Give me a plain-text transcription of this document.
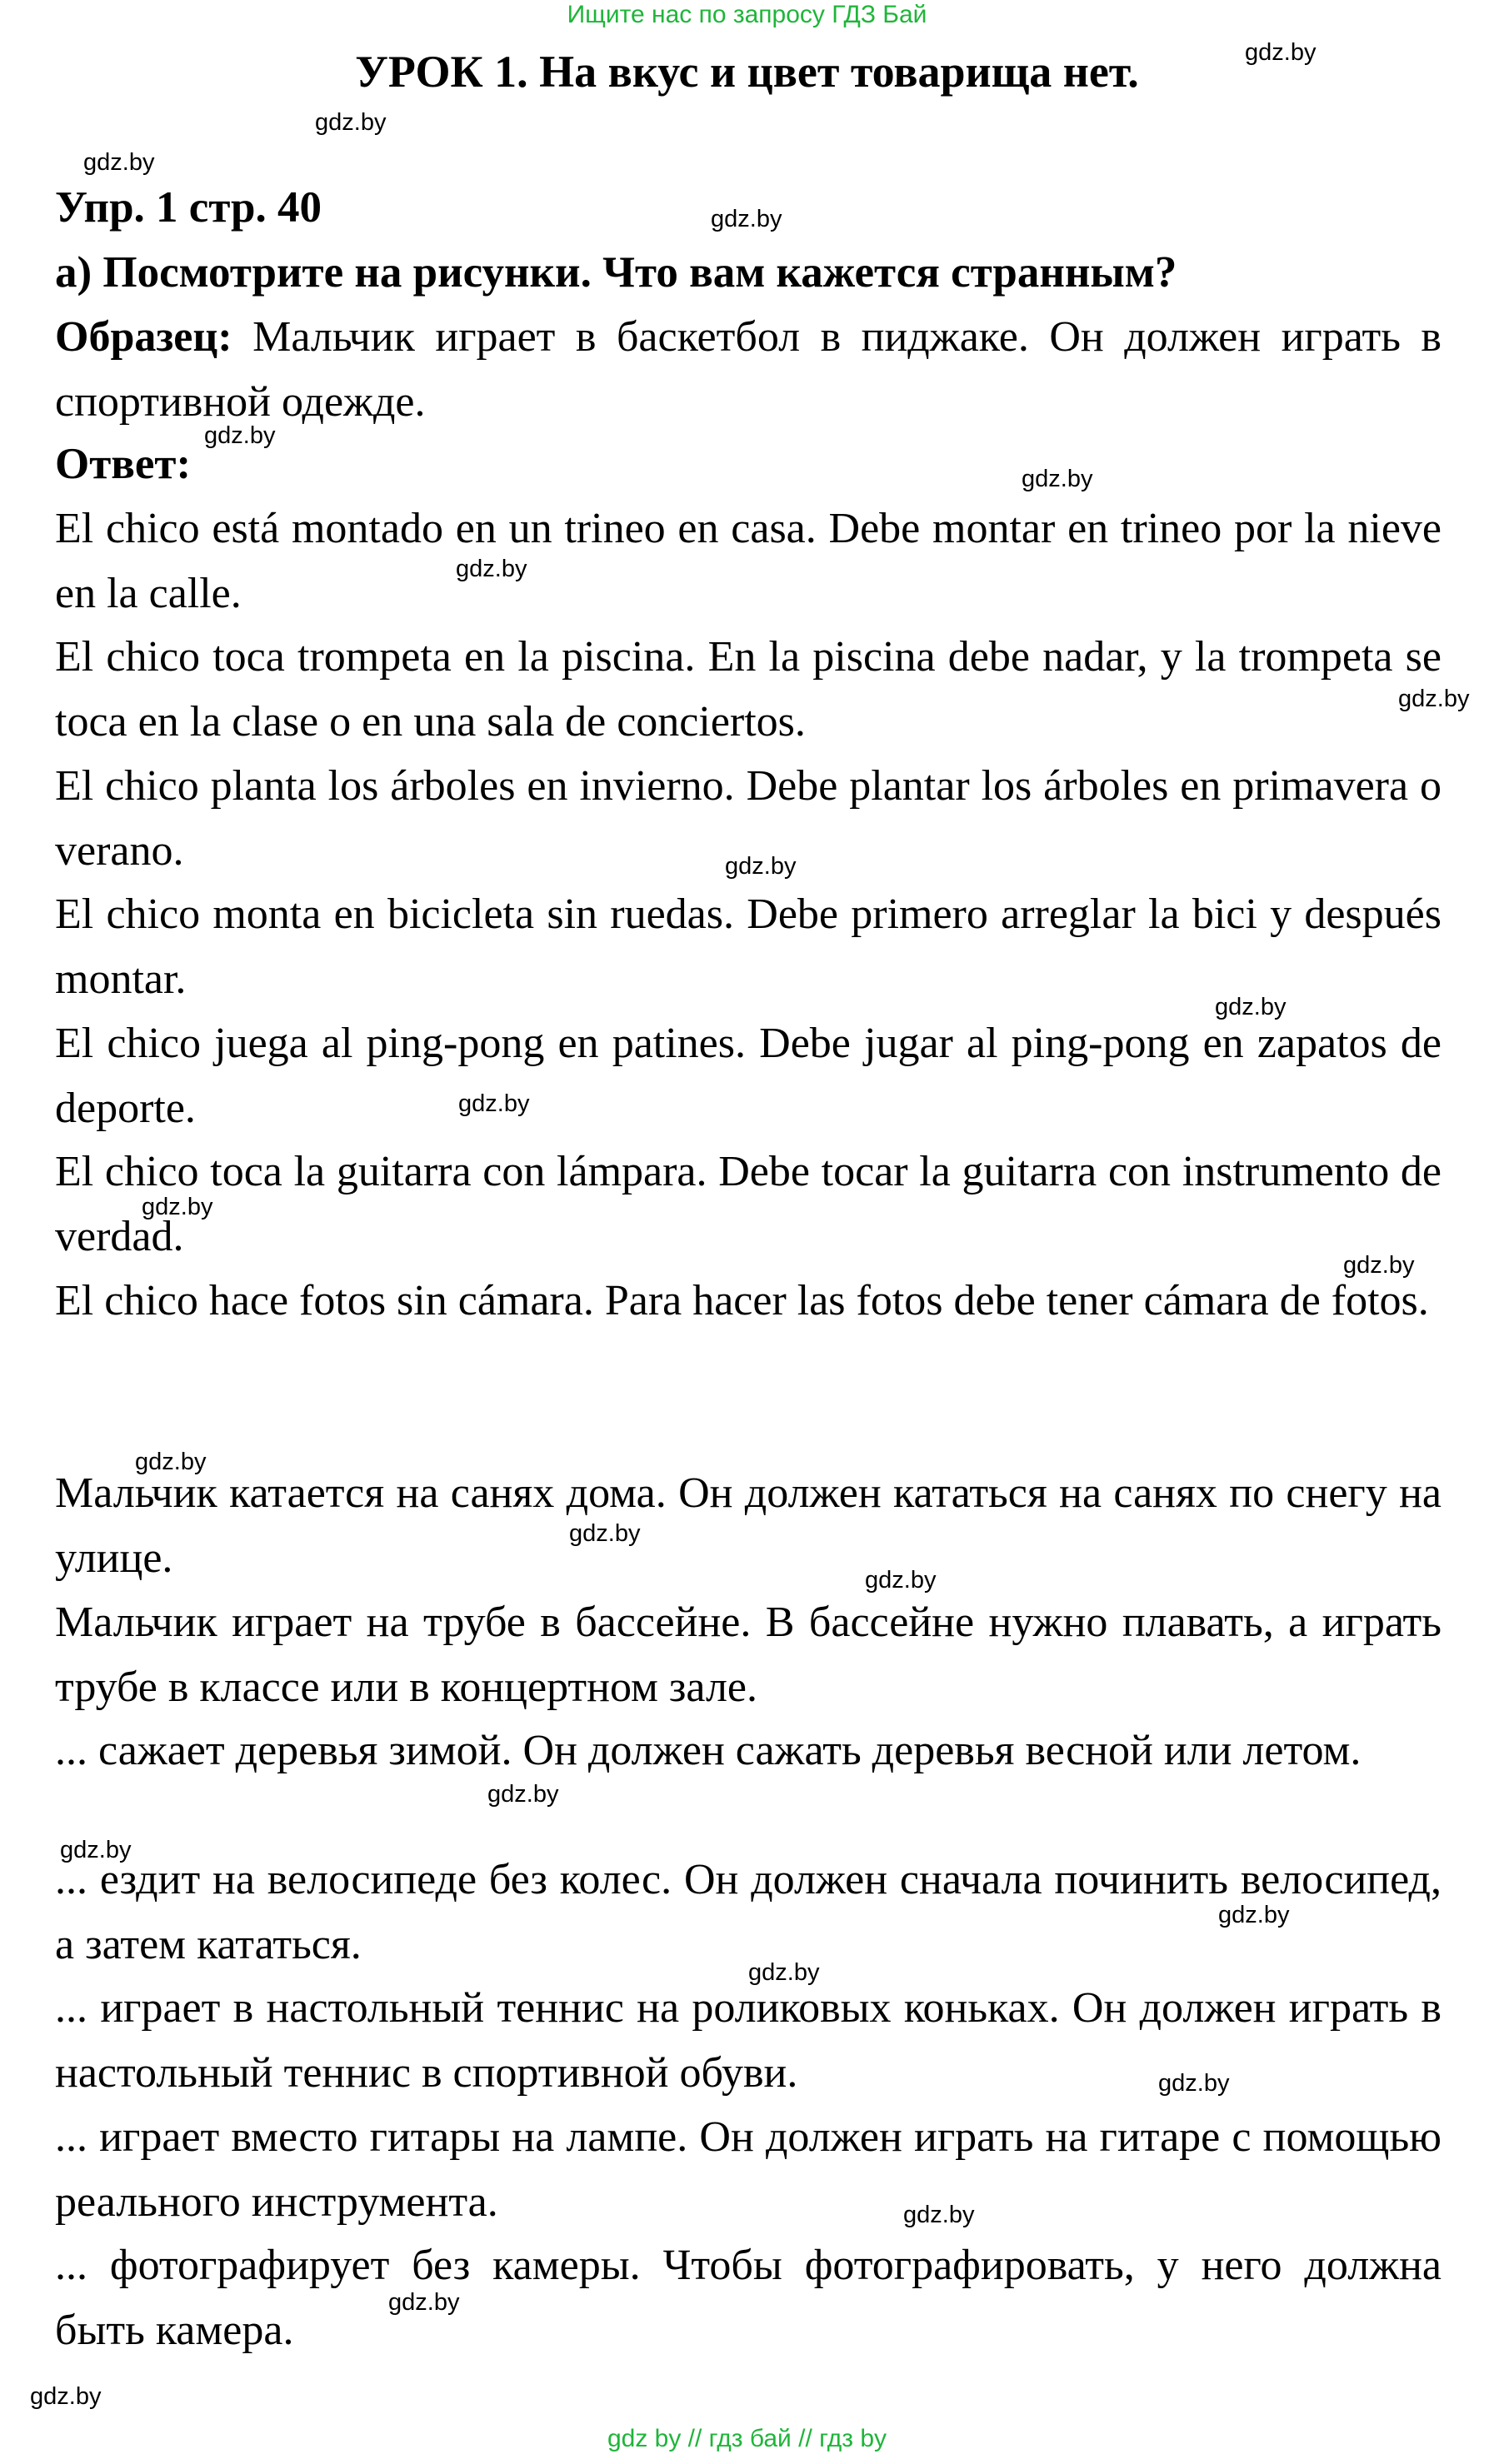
Ищите нас по запросу ГДЗ Бай
УРОК 1. На вкус и цвет товарища нет.
Упр. 1 стр. 40
а) Посмотрите на рисунки. Что вам кажется странным?

Образец: Мальчик играет в баскетбол в пиджаке. Он должен играть в спортивной одежде.

Ответ:

El chico está montado en un trineo en casa. Debe montar en trineo por la nieve en la calle.

El chico toca trompeta en la piscina. En la piscina debe nadar, y la trompeta se toca en la clase o en una sala de conciertos.

El chico planta los árboles en invierno. Debe plantar los árboles en primavera o verano.

El chico monta en bicicleta sin ruedas. Debe primero arreglar la bici y después montar.

El chico juega al ping-pong en patines. Debe jugar al ping-pong en zapatos de deporte.

El chico toca la guitarra con lámpara. Debe tocar la guitarra con instrumento de verdad.

El chico hace fotos sin cámara. Para hacer las fotos debe tener cámara de fotos.

Мальчик катается на санях дома. Он должен кататься на санях по снегу на улице.

Мальчик играет на трубе в бассейне. В бассейне нужно плавать, а играть трубе в классе или в концертном зале.

... сажает деревья зимой. Он должен сажать деревья весной или летом.

... ездит на велосипеде без колес. Он должен сначала починить велосипед, а затем кататься.

... играет в настольный теннис на роликовых коньках. Он должен играть в настольный теннис в спортивной обуви.

... играет вместо гитары на лампе. Он должен играть на гитаре с помощью реального инструмента.

... фотографирует без камеры. Чтобы фотографировать, у него должна быть камера.

gdz.by
gdz.by
gdz.by
gdz.by
gdz.by
gdz.by
gdz.by
gdz.by
gdz.by
gdz.by
gdz.by
gdz.by
gdz.by
gdz.by
gdz.by
gdz.by
gdz.by
gdz.by
gdz.by
gdz.by
gdz.by
gdz.by
gdz.by
gdz.by
gdz by // гдз бай // гдз by
